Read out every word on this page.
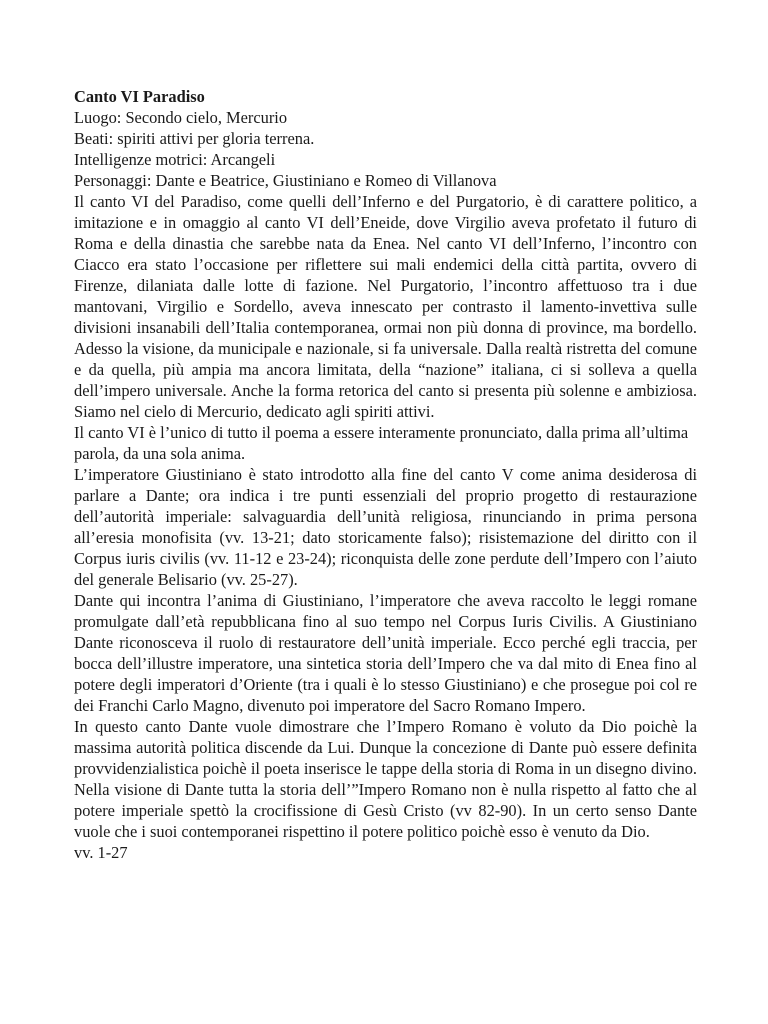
Canto VI Paradiso

Luogo: Secondo cielo, Mercurio

Beati: spiriti attivi per gloria terrena.

Intelligenze motrici: Arcangeli

Personaggi: Dante e Beatrice, Giustiniano e Romeo di Villanova

Il canto VI del Paradiso, come quelli dell’Inferno e del Purgatorio, è di carattere politico, a imitazione e in omaggio al canto VI dell’Eneide, dove Virgilio aveva profetato il futuro di Roma e della dinastia che sarebbe nata da Enea. Nel canto VI dell’Inferno, l’incontro con Ciacco era stato l’occasione per riflettere sui mali endemici della città partita, ovvero di Firenze, dilaniata dalle lotte di fazione. Nel Purgatorio, l’incontro affettuoso tra i due mantovani, Virgilio e Sordello, aveva innescato per contrasto il lamento-invettiva sulle divisioni insanabili dell’Italia contemporanea, ormai non più donna di province, ma bordello. Adesso la visione, da municipale e nazionale, si fa universale. Dalla realtà ristretta del comune e da quella, più ampia ma ancora limitata, della “nazione” italiana, ci si solleva a quella dell’impero universale. Anche la forma retorica del canto si presenta più solenne e ambiziosa. Siamo nel cielo di Mercurio, dedicato agli spiriti attivi.

Il canto VI è l’unico di tutto il poema a essere interamente pronunciato, dalla prima all’ultima parola, da una sola anima.

L’imperatore Giustiniano è stato introdotto alla fine del canto V come anima desiderosa di parlare a Dante; ora indica i tre punti essenziali del proprio progetto di restaurazione dell’autorità imperiale: salvaguardia dell’unità religiosa, rinunciando in prima persona all’eresia monofisita (vv. 13-21; dato storicamente falso); risistemazione del diritto con il Corpus iuris civilis (vv. 11-12 e 23-24); riconquista delle zone perdute dell’Impero con l’aiuto del generale Belisario (vv. 25-27).

Dante qui incontra l’anima di Giustiniano, l’imperatore che aveva raccolto le leggi romane promulgate dall’età repubblicana fino al suo tempo nel Corpus Iuris Civilis. A Giustiniano Dante riconosceva il ruolo di restauratore dell’unità imperiale. Ecco perché egli traccia, per bocca dell’illustre imperatore, una sintetica storia dell’Impero che va dal mito di Enea fino al potere degli imperatori d’Oriente (tra i quali è lo stesso Giustiniano) e che prosegue poi col re dei Franchi Carlo Magno, divenuto poi imperatore del Sacro Romano Impero.

In questo canto Dante vuole dimostrare che l’Impero Romano è voluto da Dio poichè la massima autorità politica discende da Lui. Dunque la concezione di Dante può essere definita provvidenzialistica poichè il poeta inserisce le tappe della storia di Roma in un disegno divino. Nella visione di Dante tutta la storia dell’”Impero Romano non è nulla rispetto al fatto che al potere imperiale spettò la crocifissione di Gesù Cristo (vv 82-90). In un certo senso Dante vuole che i suoi contemporanei rispettino il potere politico poichè esso è venuto da Dio.

vv. 1-27
